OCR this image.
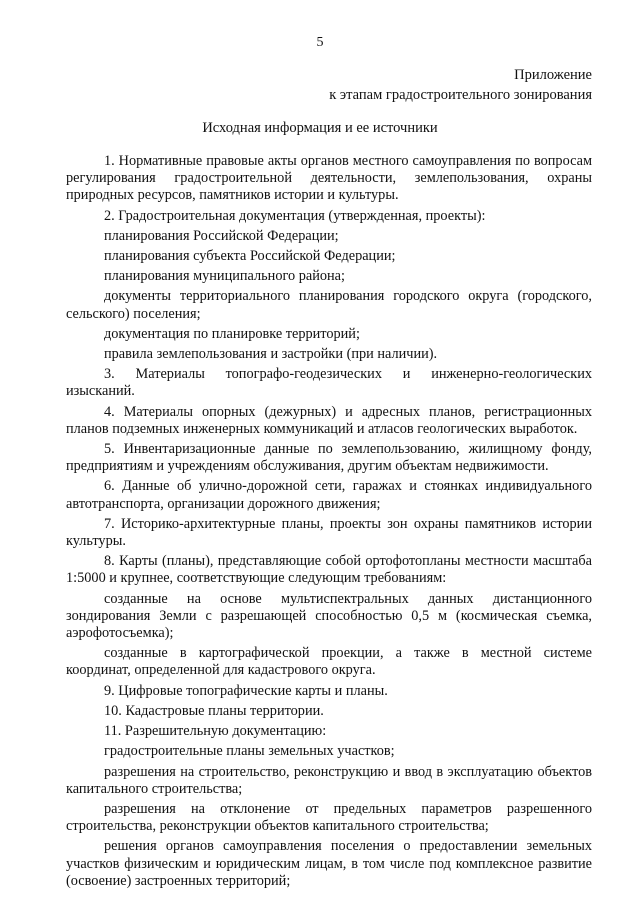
5
Приложение
к этапам градостроительного зонирования
Исходная информация и ее источники

1. Нормативные правовые акты органов местного самоуправления по вопросам регулирования градостроительной деятельности, землепользования, охраны природных ресурсов, памятников истории и культуры.

2. Градостроительная документация (утвержденная, проекты):

планирования Российской Федерации;

планирования субъекта Российской Федерации;

планирования муниципального района;

документы территориального планирования городского округа (городского, сельского) поселения;

документация по планировке территорий;

правила землепользования и застройки (при наличии).

3. Материалы топографо-геодезических и инженерно-геологических изысканий.

4. Материалы опорных (дежурных) и адресных планов, регистрационных планов подземных инженерных коммуникаций и атласов геологических выработок.

5. Инвентаризационные данные по землепользованию, жилищному фонду, предприятиям и учреждениям обслуживания, другим объектам недвижимости.

6. Данные об улично-дорожной сети, гаражах и стоянках индивидуального автотранспорта, организации дорожного движения;

7. Историко-архитектурные планы, проекты зон охраны памятников истории культуры.

8. Карты (планы), представляющие собой ортофотопланы местности масштаба 1:5000 и крупнее, соответствующие следующим требованиям:

созданные на основе мультиспектральных данных дистанционного зондирования Земли с разрешающей способностью 0,5 м (космическая съемка, аэрофотосъемка);

созданные в картографической проекции, а также в местной системе координат, определенной для кадастрового округа.

9. Цифровые топографические карты и планы.

10. Кадастровые планы территории.

11. Разрешительную документацию:

градостроительные планы земельных участков;

разрешения на строительство, реконструкцию и ввод в эксплуатацию объектов капитального строительства;

разрешения на отклонение от предельных параметров разрешенного строительства, реконструкции объектов капитального строительства;

решения органов самоуправления поселения о предоставлении земельных участков физическим и юридическим лицам, в том числе под комплексное развитие (освоение) застроенных территорий;
